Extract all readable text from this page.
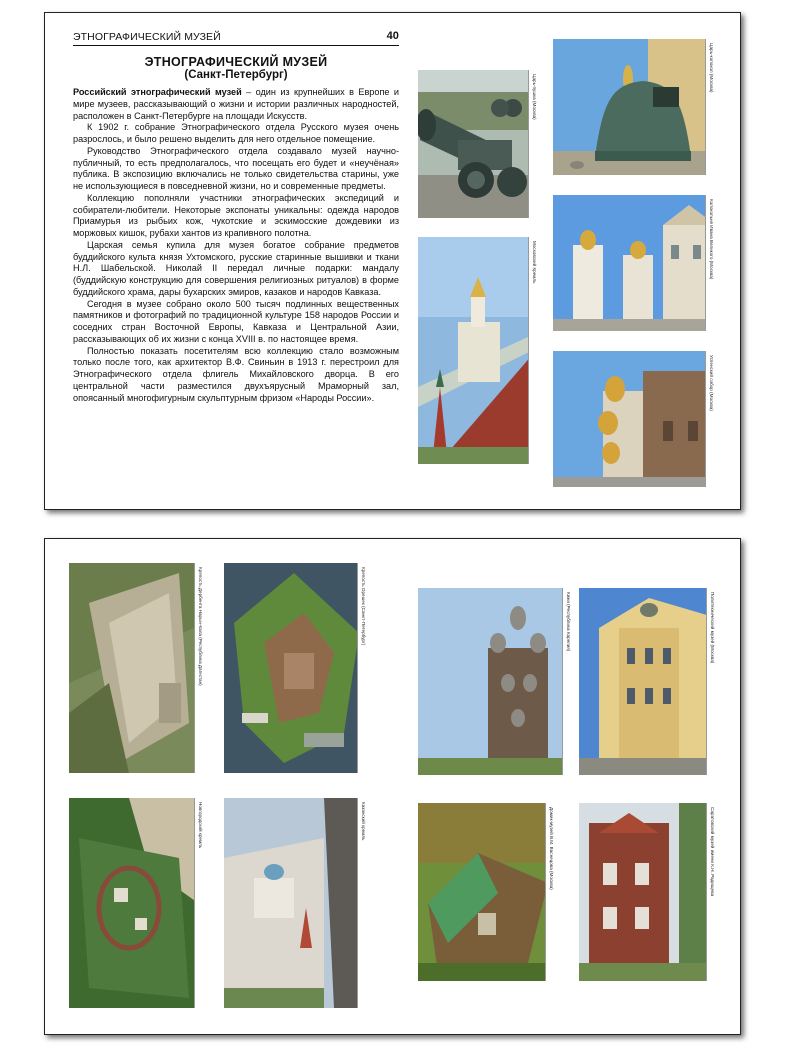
ЭТНОГРАФИЧЕСКИЙ МУЗЕЙ	40
ЭТНОГРАФИЧЕСКИЙ МУЗЕЙ
(Санкт-Петербург)

Российский этнографический музей – один из крупнейших в Европе и мире музеев, рассказывающий о жизни и истории различных народностей, расположен в Санкт-Петербурге на площади Искусств.

К 1902 г. собрание Этнографического отдела Русского музея очень разрослось, и было решено выделить для него отдельное помещение.

Руководство Этнографического отдела создавало музей научно-публичный, то есть предполагалось, что посещать его будет и «неучёная» публика. В экспозицию включались не только свидетельства старины, уже не использующиеся в повседневной жизни, но и современные предметы.

Коллекцию пополняли участники этнографических экспедиций и собиратели-любители. Некоторые экспонаты уникальны: одежда народов Приамурья из рыбьих кож, чукотские и эскимосские дождевики из моржовых кишок, рубахи хантов из крапивного полотна.

Царская семья купила для музея богатое собрание предметов буддийского культа князя Ухтомского, русские старинные вышивки и ткани Н.Л. Шабельской. Николай II передал личные подарки: мандалу (буддийскую конструкцию для совершения религиозных ритуалов) в форме буддийского храма, дары бухарских эмиров, казаков и народов Кавказа.

Сегодня в музее собрано около 500 тысяч подлинных вещественных памятников и фотографий по традиционной культуре 158 народов России и соседних стран Восточной Европы, Кавказа и Центральной Азии, рассказывающих об их жизни с конца XVIII в. по настоящее время.

Полностью показать посетителям всю коллекцию стало возможным только после того, как архитектор В.Ф. Свиньин в 1913 г. перестроил для Этнографического отдела флигель Михайловского дворца. В его центральной части разместился двухъярусный Мраморный зал, опоясанный многофигурным скульптурным фризом «Народы России».

Царь-пушка (Москва)
Московский Кремль
Царь-колокол (Москва)
Колокольня Ивана Великого (Москва)
Успенский собор (Москва)
Крепость Дербента Нарын-Кала (Республика Дагестан)	Крепость Орешек (Санкт-Петербург)	Кижи (Республика Карелия)	Политехнический музей (Москва)
Новгородский кремль	Казанский кремль	Домик-музей В.М. Васнецова (Москва)	Саратовский музей имени К.Н. Радищева
